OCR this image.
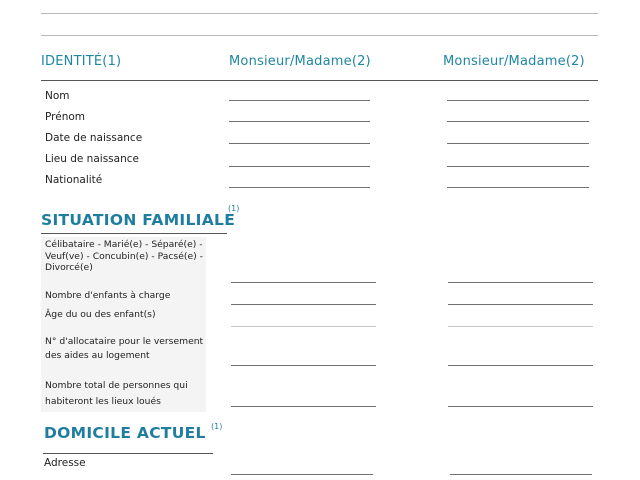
IDENTITÉ(1)	Monsieur/Madame(2)	Monsieur/Madame(2)
Nom
Prénom
Date de naissance
Lieu de naissance
Nationalité
SITUATION FAMILIALE
(1)
Célibataire - Marié(e) - Séparé(e) -
Veuf(ve) - Concubin(e) - Pacsé(e) -
Divorcé(e)
Nombre d'enfants à charge
Âge du ou des enfant(s)
N° d'allocataire pour le versement
des aides au logement
Nombre total de personnes qui
habiteront les lieux loués
DOMICILE ACTUEL (1)
Adresse
